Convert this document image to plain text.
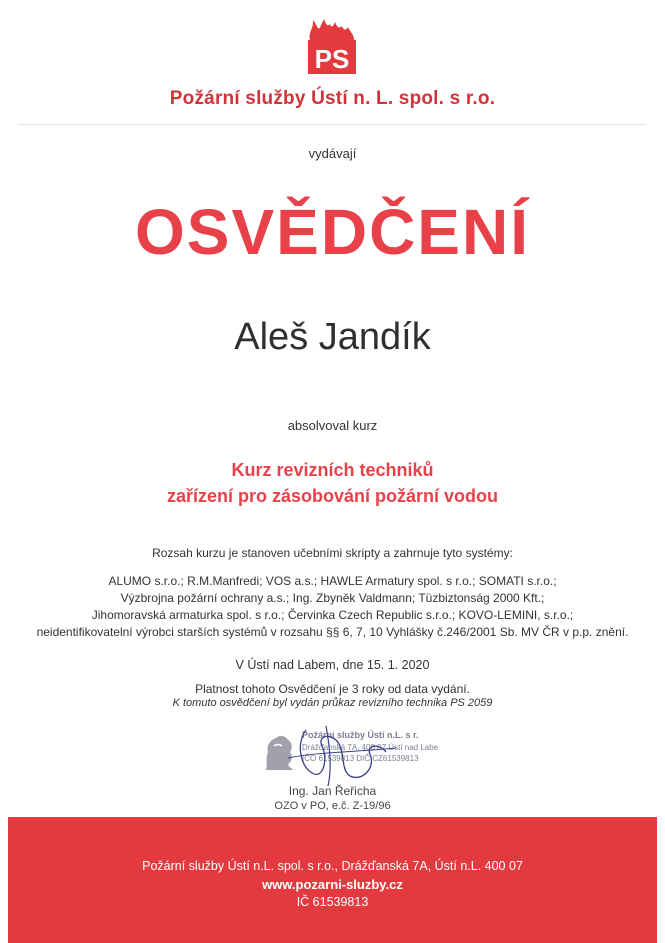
PS
Požární služby Ústí n. L. spol. s r.o.
vydávají
OSVĚDČENÍ
Aleš Jandík
absolvoval kurz
Kurz revizních techniků
zařízení pro zásobování požární vodou
Rozsah kurzu je stanoven učebními skripty a zahrnuje tyto systémy:
ALUMO s.r.o.; R.M.Manfredi; VOS a.s.; HAWLE Armatury spol. s r.o.; SOMATI s.r.o.;
Výzbrojna požární ochrany a.s.; Ing. Zbyněk Valdmann; Tüzbiztonság 2000 Kft.;
Jihomoravská armaturka spol. s r.o.; Červinka Czech Republic s.r.o.; KOVO-LEMINI, s.r.o.;
neidentifikovatelní výrobci starších systémů v rozsahu §§ 6, 7, 10 Vyhlášky č.246/2001 Sb. MV ČR v p.p. znění.
V Ústí nad Labem, dne 15. 1. 2020
Platnost tohoto Osvědčení je 3 roky od data vydání.
K tomuto osvědčení byl vydán průkaz revizního technika PS 2059
Požární služby Ústí n.L. s r.
Drážďanská 7A, 400 07 Ústí nad Labe
IČO 61539813 DIČ CZ61539813
Ing. Jan Řeřicha
OZO v PO, e.č. Z-19/96
Požární služby Ústí n.L. spol. s r.o., Drážďanská 7A, Ústí n.L. 400 07
www.pozarni-sluzby.cz
IČ 61539813
